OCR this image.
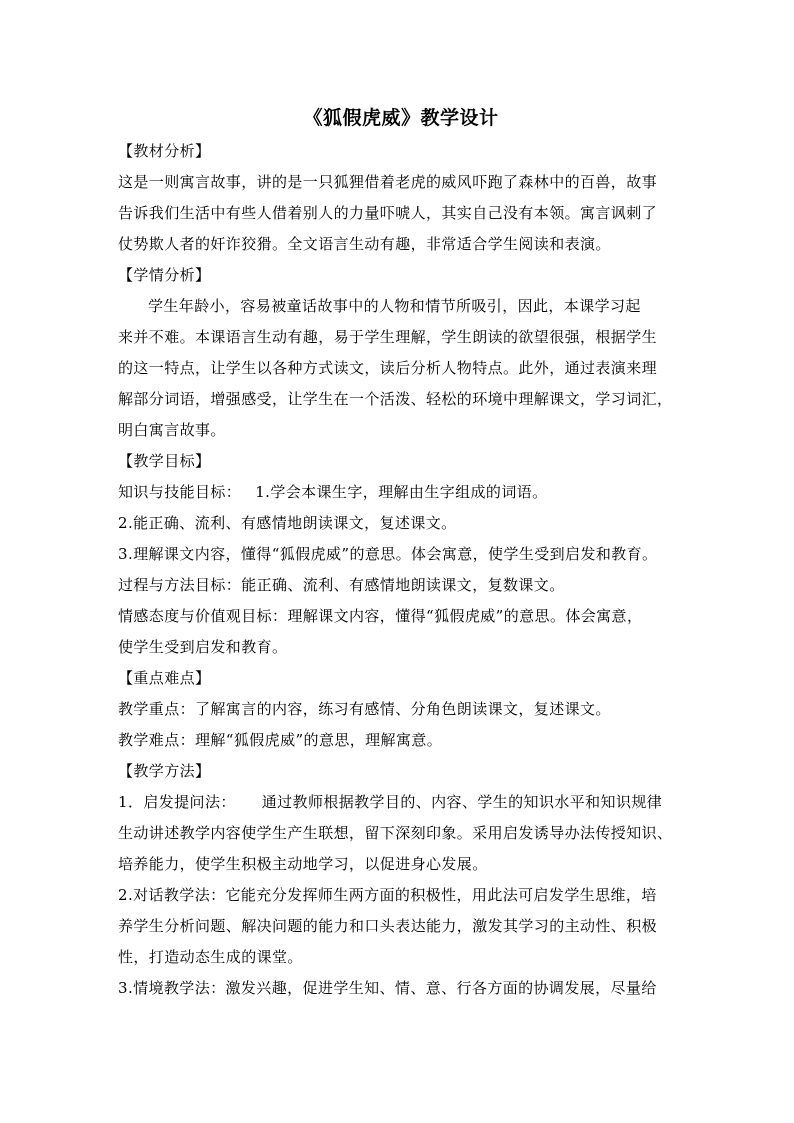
《狐假虎威》教学设计
【教材分析】
这是一则寓言故事，讲的是一只狐狸借着老虎的威风吓跑了森林中的百兽，故事
告诉我们生活中有些人借着别人的力量吓唬人，其实自己没有本领。寓言讽刺了
仗势欺人者的奸诈狡猾。全文语言生动有趣，非常适合学生阅读和表演。
【学情分析】
学生年龄小，容易被童话故事中的人物和情节所吸引，因此，本课学习起
来并不难。本课语言生动有趣，易于学生理解，学生朗读的欲望很强，根据学生
的这一特点，让学生以各种方式读文，读后分析人物特点。此外，通过表演来理
解部分词语，增强感受，让学生在一个活泼、轻松的环境中理解课文，学习词汇，
明白寓言故事。
【教学目标】
知识与技能目标： 1.学会本课生字，理解由生字组成的词语。
2.能正确、流利、有感情地朗读课文，复述课文。
3.理解课文内容，懂得“狐假虎威”的意思。体会寓意，使学生受到启发和教育。
过程与方法目标：能正确、流利、有感情地朗读课文，复数课文。
情感态度与价值观目标：理解课文内容，懂得“狐假虎威”的意思。体会寓意，
使学生受到启发和教育。
【重点难点】
教学重点：了解寓言的内容，练习有感情、分角色朗读课文，复述课文。
教学难点：理解“狐假虎威”的意思，理解寓意。
【教学方法】
1．启发提问法： 通过教师根据教学目的、内容、学生的知识水平和知识规律
生动讲述教学内容使学生产生联想，留下深刻印象。采用启发诱导办法传授知识、
培养能力，使学生积极主动地学习，以促进身心发展。
2.对话教学法：它能充分发挥师生两方面的积极性，用此法可启发学生思维，培
养学生分析问题、解决问题的能力和口头表达能力，激发其学习的主动性、积极
性，打造动态生成的课堂。
3.情境教学法：激发兴趣，促进学生知、情、意、行各方面的协调发展，尽量给
